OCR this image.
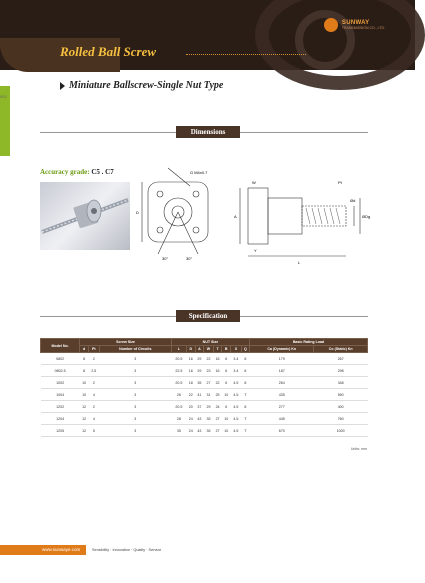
SUNWAY
TRANSMISSION CO., LTD.
Rolled Ball Screw
002
Miniature Ballscrew-Single Nut Type
Dimensions
Accuracy grade: C5 . C7	G M4x0.7
30°	30°
D
Pt
A
W
Ød
ØDg
Y
L
Specification
Model No.	Screw Size			NUT Size								Basic Rating Load	
	d	Pt	Number of Circuits	L	D	A	W	T	B	X	Q	Ca (Dynamic) Kn	Co (Static) Kn
0802	8	2	3	20.5	16	29	22	16	6	3.4	8	179	267
0802.5	8	2.5	3	22.5	16	29	23	16	6	3.4	8	187	298
1002	10	2	3	20.5	18	35	27	22	6	4.5	8	264	348
1004	10	4	3	26	22	41	31	25	10	4.5	T	435	590
1202	12	2	3	20.5	20	37	29	24	6	4.5	8	277	400
1204	12	4	3	28	24	43	35	27	10	4.5	T	445	760
1205	12	5	3	35	24	43	35	27	10	4.5	T	670	1000
Units: mm
www.sunwaye.com	Sensibility · Innovation · Quality · Service
